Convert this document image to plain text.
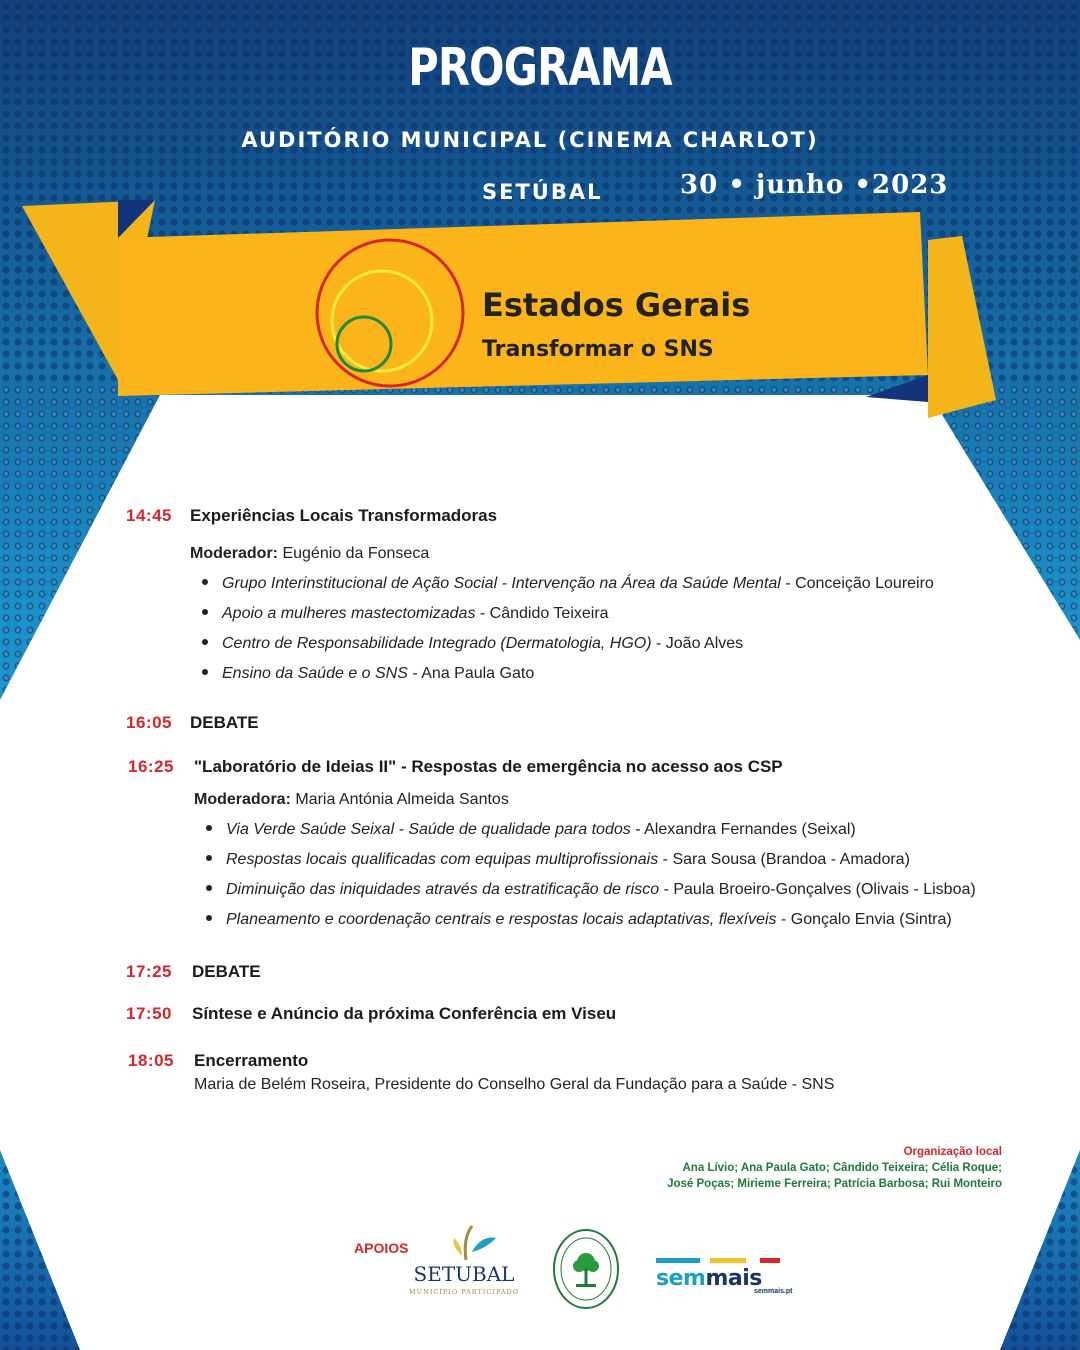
PROGRAMA
AUDITÓRIO MUNICIPAL (CINEMA CHARLOT)
SETÚBAL	30 • junho •2023
Estados Gerais
Transformar o SNS
14:45	Experiências Locais Transformadoras
Moderador: Eugénio da Fonseca
Grupo Interinstitucional de Ação Social - Intervenção na Área da Saúde Mental - Conceição Loureiro
Apoio a mulheres mastectomizadas - Cândido Teixeira
Centro de Responsabilidade Integrado (Dermatologia, HGO) - João Alves
Ensino da Saúde e o SNS - Ana Paula Gato
16:05	DEBATE
16:25	"Laboratório de Ideias II" - Respostas de emergência no acesso aos CSP
Moderadora: Maria Antónia Almeida Santos
Via Verde Saúde Seixal - Saúde de qualidade para todos - Alexandra Fernandes (Seixal)
Respostas locais qualificadas com equipas multiprofissionais - Sara Sousa (Brandoa - Amadora)
Diminuição das iniquidades através da estratificação de risco - Paula Broeiro-Gonçalves (Olivais - Lisboa)
Planeamento e coordenação centrais e respostas locais adaptativas, flexíveis - Gonçalo Envia (Sintra)
17:25	DEBATE
17:50	Síntese e Anúncio da próxima Conferência em Viseu
18:05	Encerramento
Maria de Belém Roseira, Presidente do Conselho Geral da Fundação para a Saúde - SNS
Organização local
Ana Lívio; Ana Paula Gato; Cândido Teixeira; Célia Roque;
José Poças; Mirieme Ferreira; Patrícia Barbosa; Rui Monteiro
APOIOS
SETUBAL
MUNICÍPIO PARTICIPADO
semmais
semmais.pt
